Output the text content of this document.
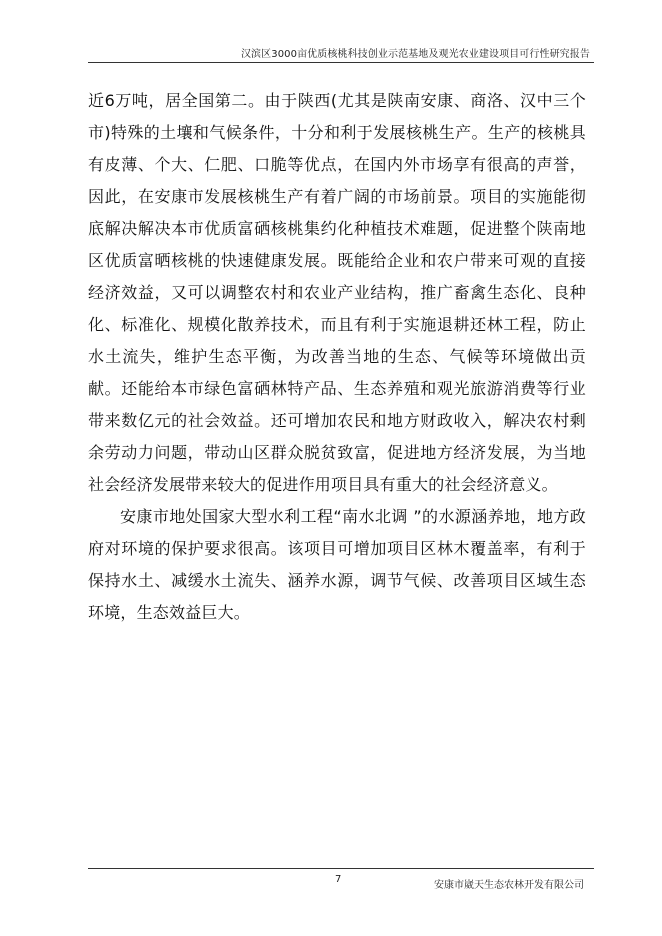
汉滨区3000亩优质核桃科技创业示范基地及观光农业建设项目可行性研究报告

近6万吨，居全国第二。由于陕西(尤其是陕南安康、商洛、汉中三个市)特殊的土壤和气候条件，十分和利于发展核桃生产。生产的核桃具有皮薄、个大、仁肥、口脆等优点，在国内外市场享有很高的声誉，因此，在安康市发展核桃生产有着广阔的市场前景。项目的实施能彻底解决解决本市优质富硒核桃集约化种植技术难题，促进整个陕南地区优质富晒核桃的快速健康发展。既能给企业和农户带来可观的直接经济效益，又可以调整农村和农业产业结构，推广畜禽生态化、良种化、标准化、规模化散养技术，而且有利于实施退耕还林工程，防止水土流失，维护生态平衡，为改善当地的生态、气候等环境做出贡献。还能给本市绿色富硒林特产品、生态养殖和观光旅游消费等行业带来数亿元的社会效益。还可增加农民和地方财政收入，解决农村剩余劳动力问题，带动山区群众脱贫致富，促进地方经济发展，为当地社会经济发展带来较大的促进作用项目具有重大的社会经济意义。

安康市地处国家大型水利工程“南水北调 ”的水源涵养地，地方政府对环境的保护要求很高。该项目可增加项目区林木覆盖率，有利于保持水土、减缓水土流失、涵养水源，调节气候、改善项目区域生态环境，生态效益巨大。

7
安康市崴天生态农林开发有限公司
